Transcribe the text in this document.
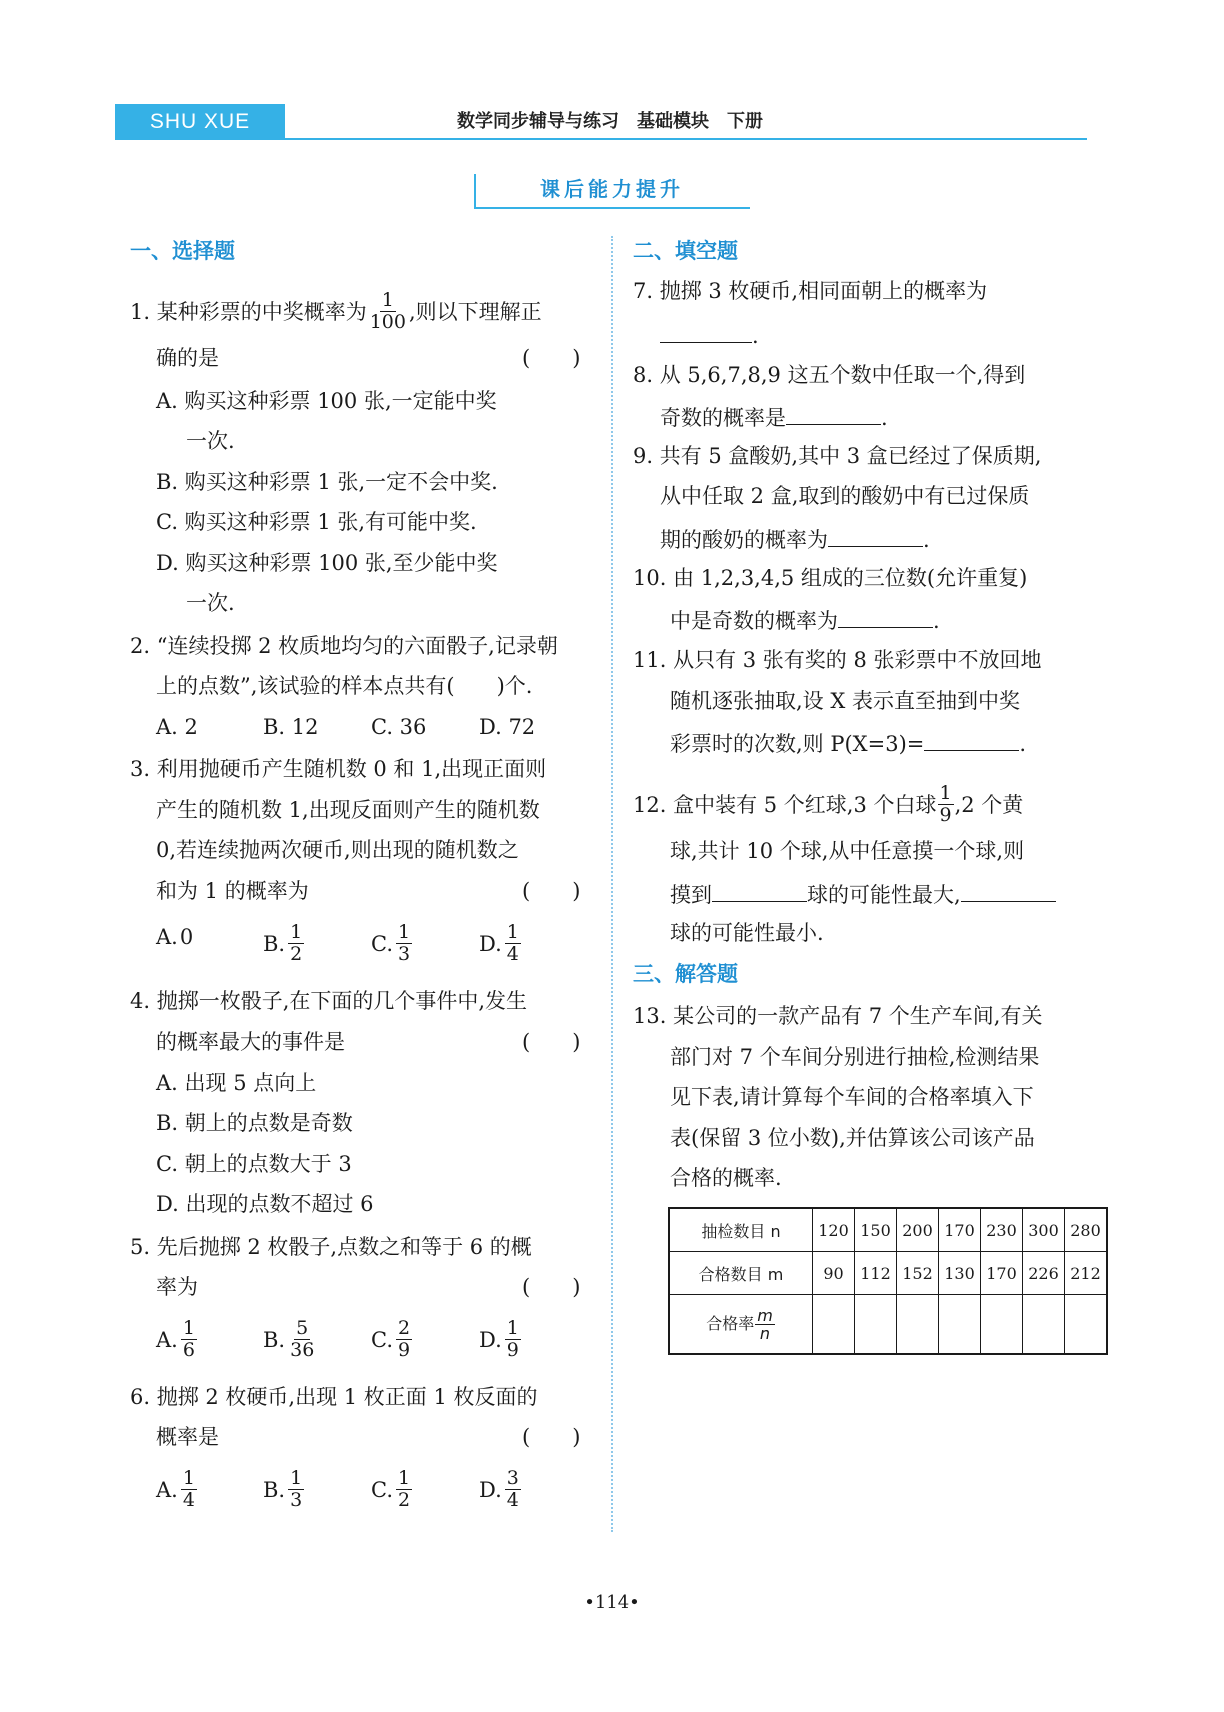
SHU XUE	数学同步辅导与练习　基础模块　下册
课后能力提升
一、选择题
1. 某种彩票的中奖概率为 $\frac{1}{100}$ ,则以下理解正
确的是	(　　)
A. 购买这种彩票 100 张,一定能中奖
一次.
B. 购买这种彩票 1 张,一定不会中奖.
C. 购买这种彩票 1 张,有可能中奖.
D. 购买这种彩票 100 张,至少能中奖
一次.
2. “连续投掷 2 枚质地均匀的六面骰子,记录朝
上的点数”,该试验的样本点共有(　　)个.
A. 2	B. 12 C. 36	D. 72
3. 利用抛硬币产生随机数 0 和 1,出现正面则
产生的随机数 1,出现反面则产生的随机数
0,若连续抛两次硬币,则出现的随机数之
和为 1 的概率为	(　　)
A. 0	B. $\frac{1}{2}$	C. $\frac{1}{3}$	D. $\frac{1}{4}$
4. 抛掷一枚骰子,在下面的几个事件中,发生
的概率最大的事件是	(　　)
A. 出现 5 点向上
B. 朝上的点数是奇数
C. 朝上的点数大于 3
D. 出现的点数不超过 6
5. 先后抛掷 2 枚骰子,点数之和等于 6 的概
率为	(　　)
A. $\frac{1}{6}$	B. $\frac{5}{36}$	C. $\frac{2}{9}$	D. $\frac{1}{9}$
6. 抛掷 2 枚硬币,出现 1 枚正面 1 枚反面的
概率是	(　　)
A. $\frac{1}{4}$	B. $\frac{1}{3}$	C. $\frac{1}{2}$	D. $\frac{3}{4}$
二、填空题
7. 抛掷 3 枚硬币,相同面朝上的概率为
.
8. 从 5,6,7,8,9 这五个数中任取一个,得到
奇数的概率是	.
9. 共有 5 盒酸奶,其中 3 盒已经过了保质期,
从中任取 2 盒,取到的酸奶中有已过保质
期的酸奶的概率为	.
10. 由 1,2,3,4,5 组成的三位数(允许重复)
中是奇数的概率为	.
11. 从只有 3 张有奖的 8 张彩票中不放回地
随机逐张抽取,设 X 表示直至抽到中奖
彩票时的次数,则 P(X=3)=	.
12. 盒中装有 5 个红球,3 个白球 $\frac{1}{9} ,2$ 个黄
球,共计 10 个球,从中任意摸一个球,则
摸到	球的可能性最大,
球的可能性最小.
三、解答题
13. 某公司的一款产品有 7 个生产车间,有关
部门对 7 个车间分别进行抽检,检测结果
见下表,请计算每个车间的合格率填入下
表(保留 3 位小数),并估算该公司该产品
合格的概率.
抽检数目 n	120	150	200	170	230	300	280
合格数目 m	90	112	152	130	170	226	212
合格率 $\frac{m}{n}$

•114•
